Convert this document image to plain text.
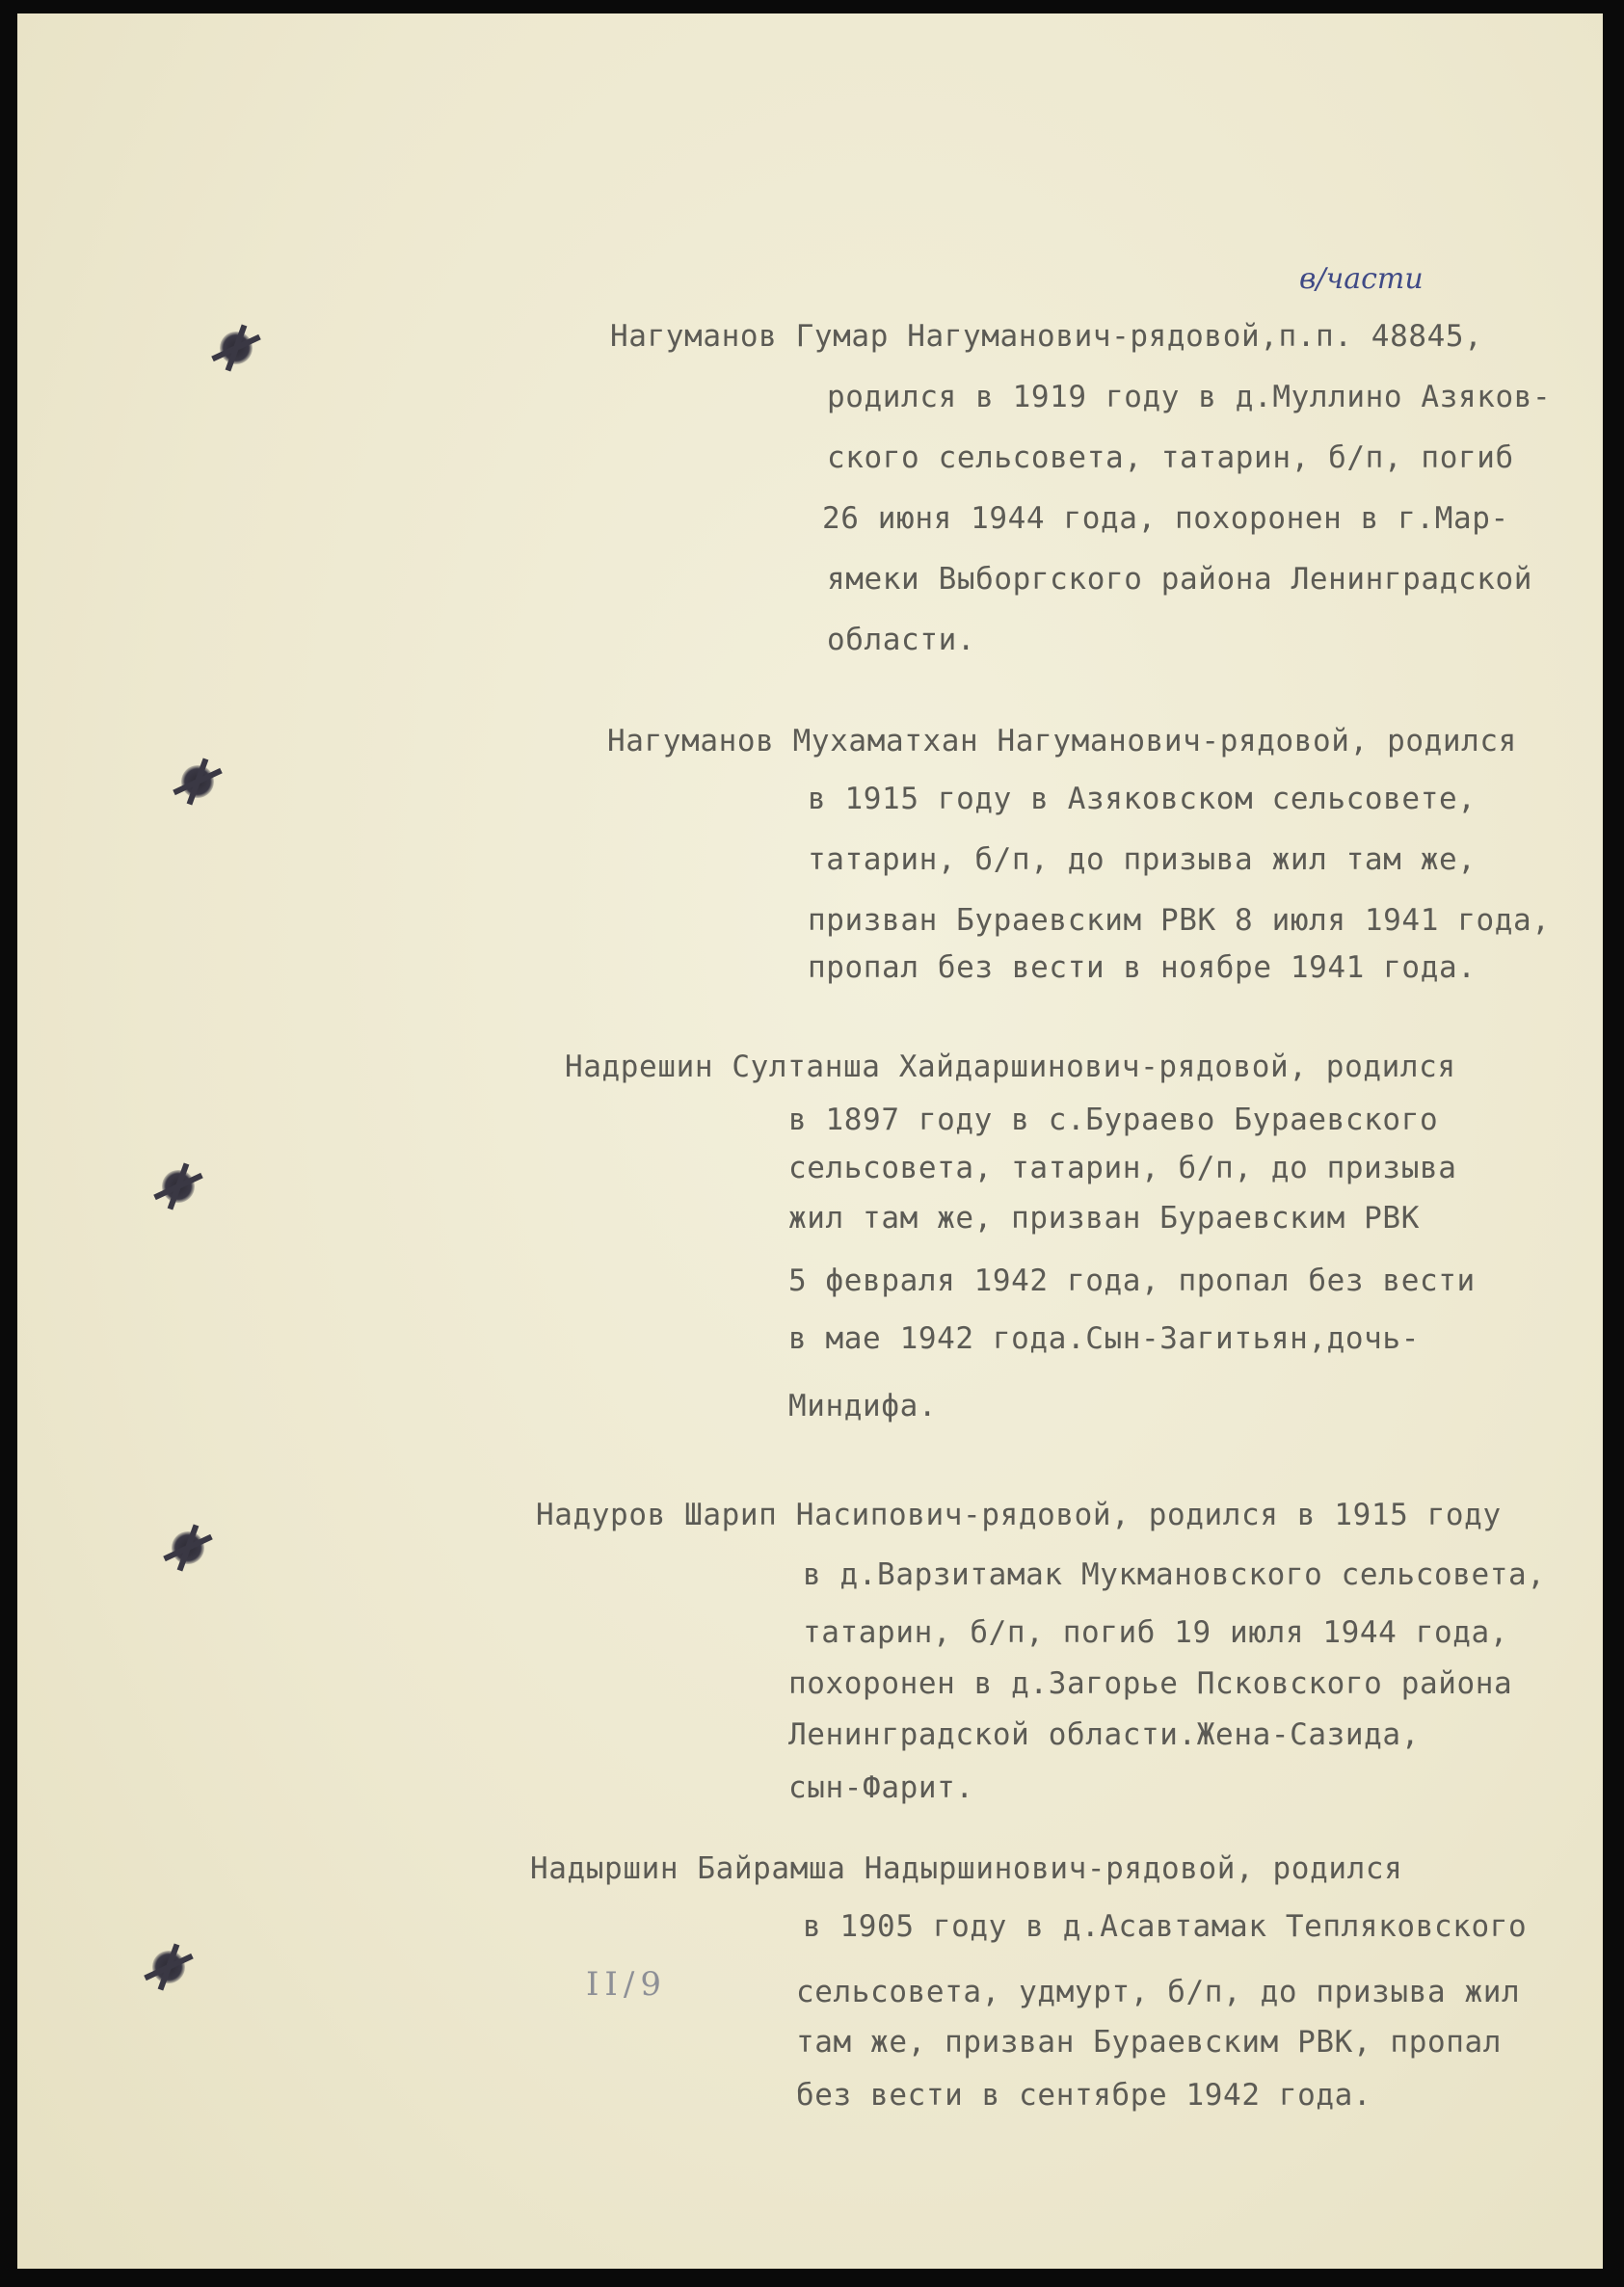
в/части
II/9
Нагуманов Гумар Нагуманович-рядовой,п.п. 48845,
родился в 1919 году в д.Муллино Азяков-
ского сельсовета, татарин, б/п, погиб
26 июня 1944 года, похоронен в г.Мар-
ямеки Выборгского района Ленинградской
области.
Нагуманов Мухаматхан Нагуманович-рядовой, родился
в 1915 году в Азяковском сельсовете,
татарин, б/п, до призыва жил там же,
призван Бураевским РВК 8 июля 1941 года,
пропал без вести в ноябре 1941 года.
Надрешин Султанша Хайдаршинович-рядовой, родился
в 1897 году в с.Бураево Бураевского
сельсовета, татарин, б/п, до призыва
жил там же, призван Бураевским РВК
5 февраля 1942 года, пропал без вести
в мае 1942 года.Сын-Загитьян,дочь-
Миндифа.
Надуров Шарип Насипович-рядовой, родился в 1915 году
в д.Варзитамак Мукмановского сельсовета,
татарин, б/п, погиб 19 июля 1944 года,
похоронен в д.Загорье Псковского района
Ленинградской области.Жена-Сазида,
сын-Фарит.
Надыршин Байрамша Надыршинович-рядовой, родился
в 1905 году в д.Асавтамак Тепляковского
сельсовета, удмурт, б/п, до призыва жил
там же, призван Бураевским РВК, пропал
без вести в сентябре 1942 года.
